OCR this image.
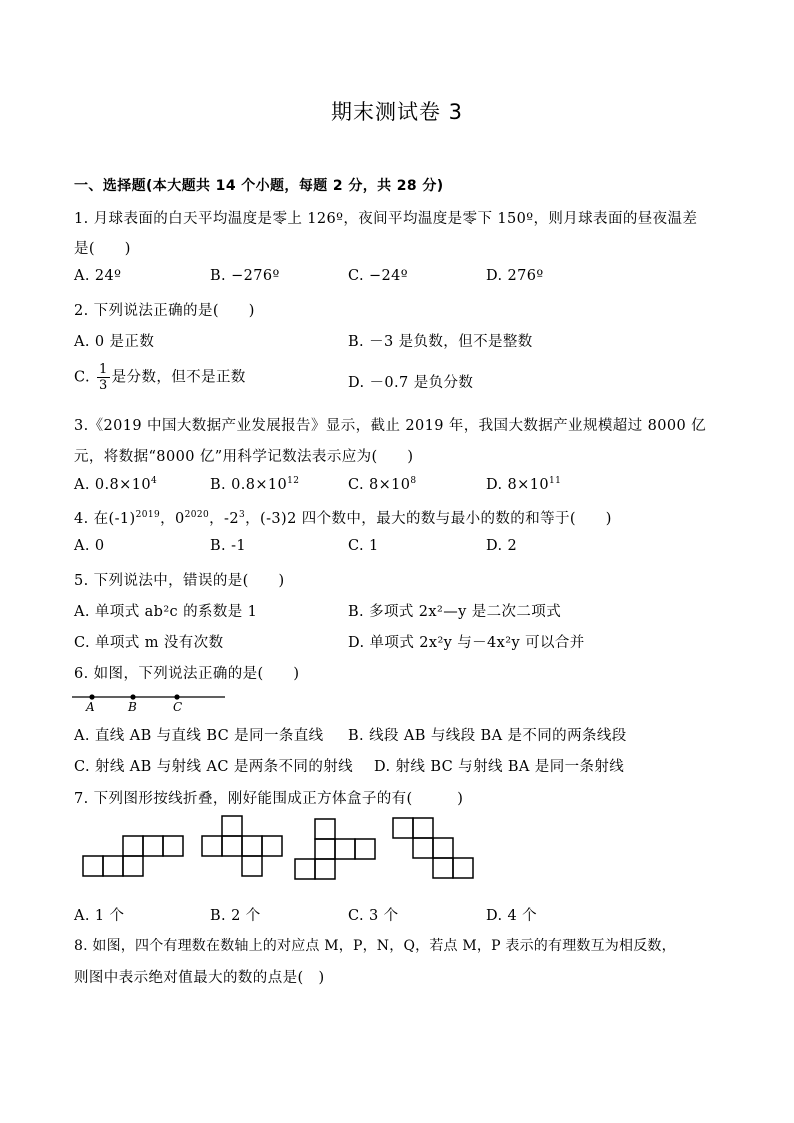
期末测试卷 3
一、选择题(本大题共 14 个小题，每题 2 分，共 28 分)
1. 月球表面的白天平均温度是零上 126º，夜间平均温度是零下 150º，则月球表面的昼夜温差
是(　　)
A. 24º	B. −276º	C. −24º	D. 276º
2. 下列说法正确的是(　　)
A. 0 是正数	B. －3 是负数，但不是整数
C. $\frac{1}{3}$ 是分数，但不是正数	D. －0.7 是负分数
3.《2019 中国大数据产业发展报告》显示，截止 2019 年，我国大数据产业规模超过 8000 亿
元，将数据“8000 亿”用科学记数法表示应为(　　)
A. $0.8\times 10^4$	B. $0.8\times 10^{12}$	C. $8\times 10^8$	D. $8\times 10^{11}$
4. 在$(-1)^{2019}$，$0^{2020}$，$-2^3$，(-3)2 四个数中，最大的数与最小的数的和等于(　　)
A. 0	B. -1	C. 1	D. 2
5. 下列说法中，错误的是(　　)
A. 单项式 ab²c 的系数是 1	B. 多项式 2x²—y 是二次二项式
C. 单项式 m 没有次数	D. 单项式 2x²y 与－4x²y 可以合并
6. 如图，下列说法正确的是(　　)
A	B	C
A. 直线 AB 与直线 BC 是同一条直线 B. 线段 AB 与线段 BA 是不同的两条线段
C. 射线 AB 与射线 AC 是两条不同的射线 D. 射线 BC 与射线 BA 是同一条射线
7. 下列图形按线折叠，刚好能围成正方体盒子的有(　　　)
A. 1 个	B. 2 个	C. 3 个	D. 4 个
8. 如图，四个有理数在数轴上的对应点 M，P，N，Q，若点 M，P 表示的有理数互为相反数，
则图中表示绝对值最大的数的点是(　)
